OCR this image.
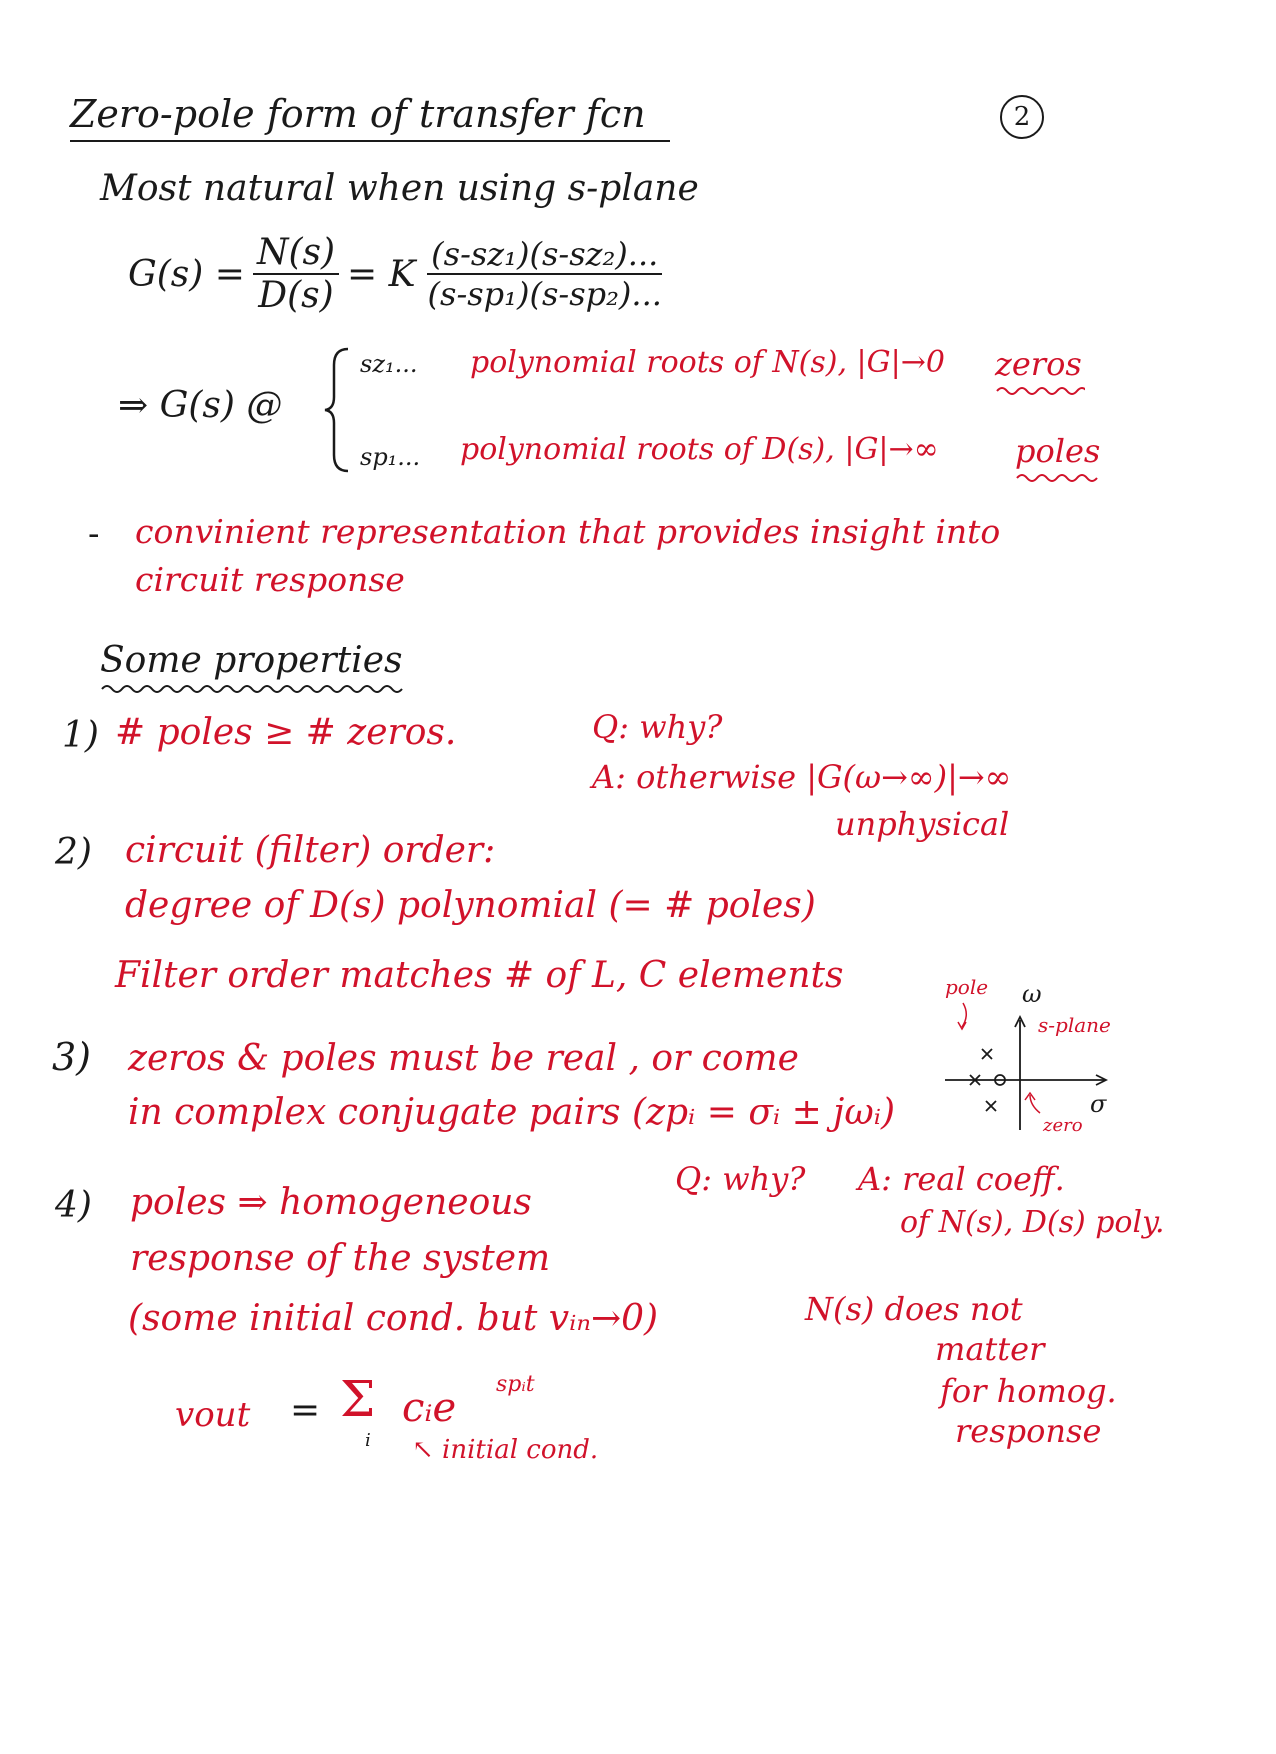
Zero-pole form of transfer fcn	2
Most natural when using s-plane
$G(s) = \frac{N(s)}{D(s)} = K \frac{\text{(s-sz₁)(s-sz₂)...}}{\text{(s-sp₁)(s-sp₂)...}}$
⇒ G(s) @
sz₁... polynomial roots of N(s), |G|→0 zeros
sp₁... polynomial roots of D(s), |G|→∞ poles
- convinient representation that provides insight into
circuit response
Some properties
1) # poles ≥ # zeros.	Q: why?
A: otherwise |G(ω→∞)|→∞
unphysical
2) circuit (filter) order:
degree of D(s) polynomial (= # poles)
Filter order matches # of L, C elements
3) zeros & poles must be real , or come
in complex conjugate pairs (zpᵢ = σᵢ ± jωᵢ)
Q: why? A: real coeff.
of N(s), D(s) poly.
pole ω
s-plane
σ
zero
4) poles ⇒ homogeneous
response of the system
(some initial cond. but vᵢₙ→0)	N(s) does not
matter
for homog.
response
vout = Σ
i
cᵢe
spᵢt
↖ initial cond.
